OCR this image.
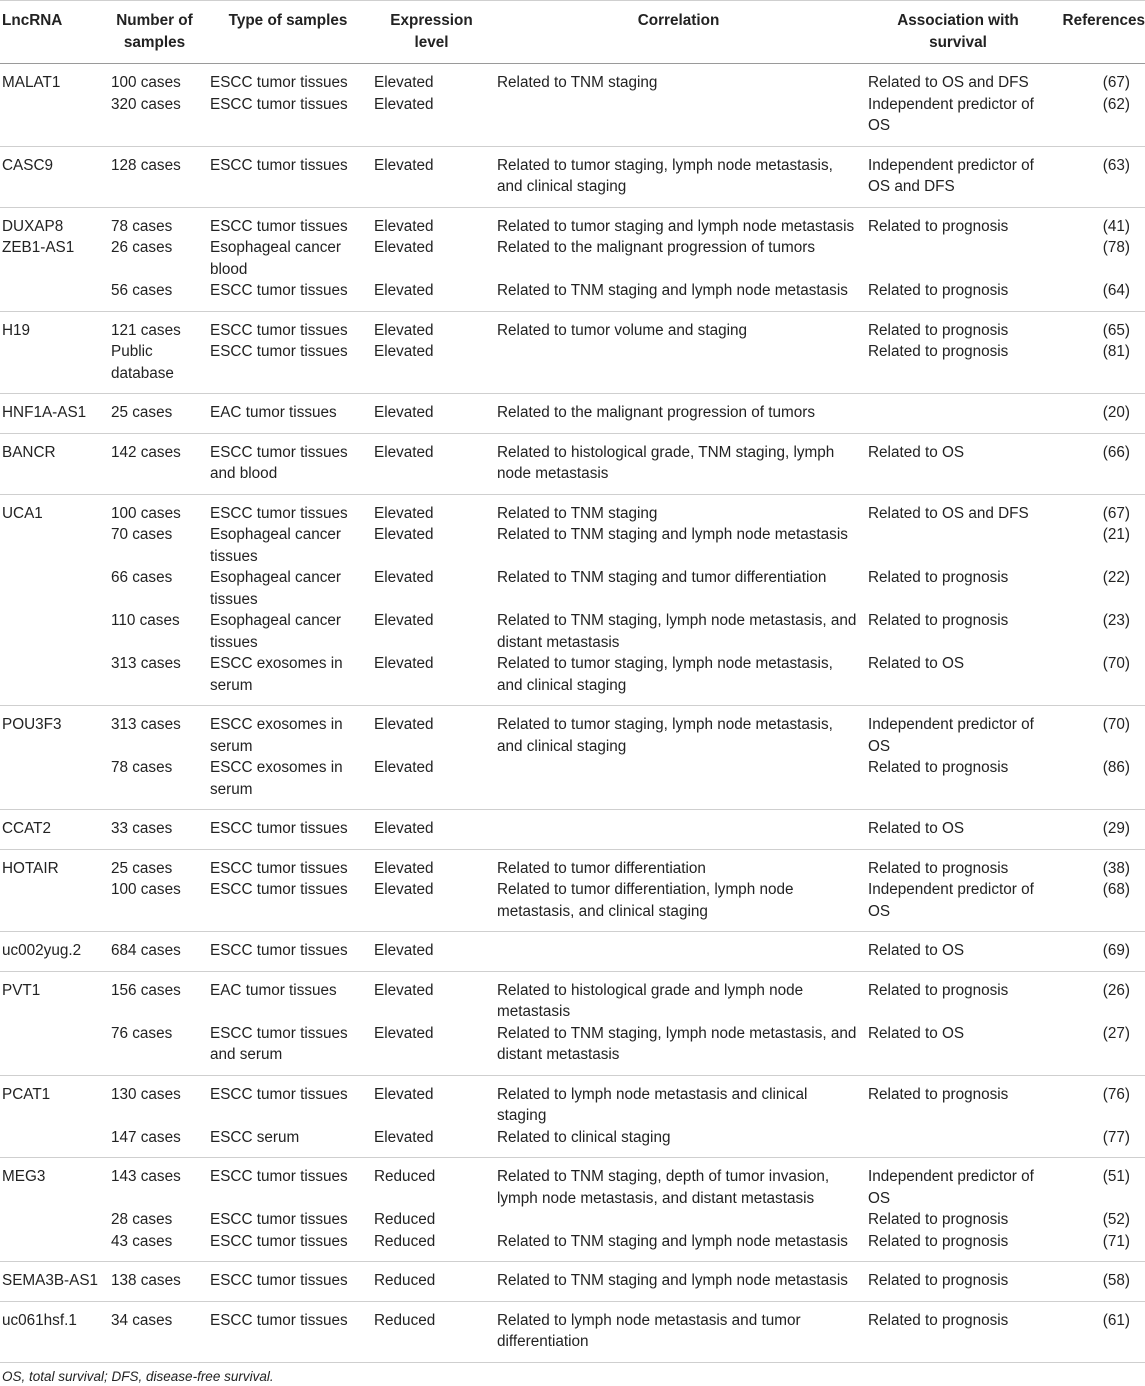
LncRNA	Number of samples	Type of samples	Expression level	Correlation	Association with survival	References
MALAT1	100 cases	ESCC tumor tissues	Elevated	Related to TNM staging	Related to OS and DFS	(67)
	320 cases	ESCC tumor tissues	Elevated		Independent predictor of OS	(62)
CASC9	128 cases	ESCC tumor tissues	Elevated	Related to tumor staging, lymph node metastasis, and clinical staging	Independent predictor of OS and DFS	(63)
DUXAP8	78 cases	ESCC tumor tissues	Elevated	Related to tumor staging and lymph node metastasis	Related to prognosis	(41)
ZEB1-AS1	26 cases	Esophageal cancer blood	Elevated	Related to the malignant progression of tumors		(78)
	56 cases	ESCC tumor tissues	Elevated	Related to TNM staging and lymph node metastasis	Related to prognosis	(64)
H19	121 cases	ESCC tumor tissues	Elevated	Related to tumor volume and staging	Related to prognosis	(65)
	Public database	ESCC tumor tissues	Elevated		Related to prognosis	(81)
HNF1A-AS1	25 cases	EAC tumor tissues	Elevated	Related to the malignant progression of tumors		(20)
BANCR	142 cases	ESCC tumor tissues and blood	Elevated	Related to histological grade, TNM staging, lymph node metastasis	Related to OS	(66)
UCA1	100 cases	ESCC tumor tissues	Elevated	Related to TNM staging	Related to OS and DFS	(67)
	70 cases	Esophageal cancer tissues	Elevated	Related to TNM staging and lymph node metastasis		(21)
	66 cases	Esophageal cancer tissues	Elevated	Related to TNM staging and tumor differentiation	Related to prognosis	(22)
	110 cases	Esophageal cancer tissues	Elevated	Related to TNM staging, lymph node metastasis, and distant metastasis	Related to prognosis	(23)
	313 cases	ESCC exosomes in serum	Elevated	Related to tumor staging, lymph node metastasis, and clinical staging	Related to OS	(70)
POU3F3	313 cases	ESCC exosomes in serum	Elevated	Related to tumor staging, lymph node metastasis, and clinical staging	Independent predictor of OS	(70)
	78 cases	ESCC exosomes in serum	Elevated		Related to prognosis	(86)
CCAT2	33 cases	ESCC tumor tissues	Elevated		Related to OS	(29)
HOTAIR	25 cases	ESCC tumor tissues	Elevated	Related to tumor differentiation	Related to prognosis	(38)
	100 cases	ESCC tumor tissues	Elevated	Related to tumor differentiation, lymph node metastasis, and clinical staging	Independent predictor of OS	(68)
uc002yug.2	684 cases	ESCC tumor tissues	Elevated		Related to OS	(69)
PVT1	156 cases	EAC tumor tissues	Elevated	Related to histological grade and lymph node metastasis	Related to prognosis	(26)
	76 cases	ESCC tumor tissues and serum	Elevated	Related to TNM staging, lymph node metastasis, and distant metastasis	Related to OS	(27)
PCAT1	130 cases	ESCC tumor tissues	Elevated	Related to lymph node metastasis and clinical staging	Related to prognosis	(76)
	147 cases	ESCC serum	Elevated	Related to clinical staging		(77)
MEG3	143 cases	ESCC tumor tissues	Reduced	Related to TNM staging, depth of tumor invasion, lymph node metastasis, and distant metastasis	Independent predictor of OS	(51)
	28 cases	ESCC tumor tissues	Reduced		Related to prognosis	(52)
	43 cases	ESCC tumor tissues	Reduced	Related to TNM staging and lymph node metastasis	Related to prognosis	(71)
SEMA3B-AS1	138 cases	ESCC tumor tissues	Reduced	Related to TNM staging and lymph node metastasis	Related to prognosis	(58)
uc061hsf.1	34 cases	ESCC tumor tissues	Reduced	Related to lymph node metastasis and tumor differentiation	Related to prognosis	(61)
OS, total survival; DFS, disease-free survival.
